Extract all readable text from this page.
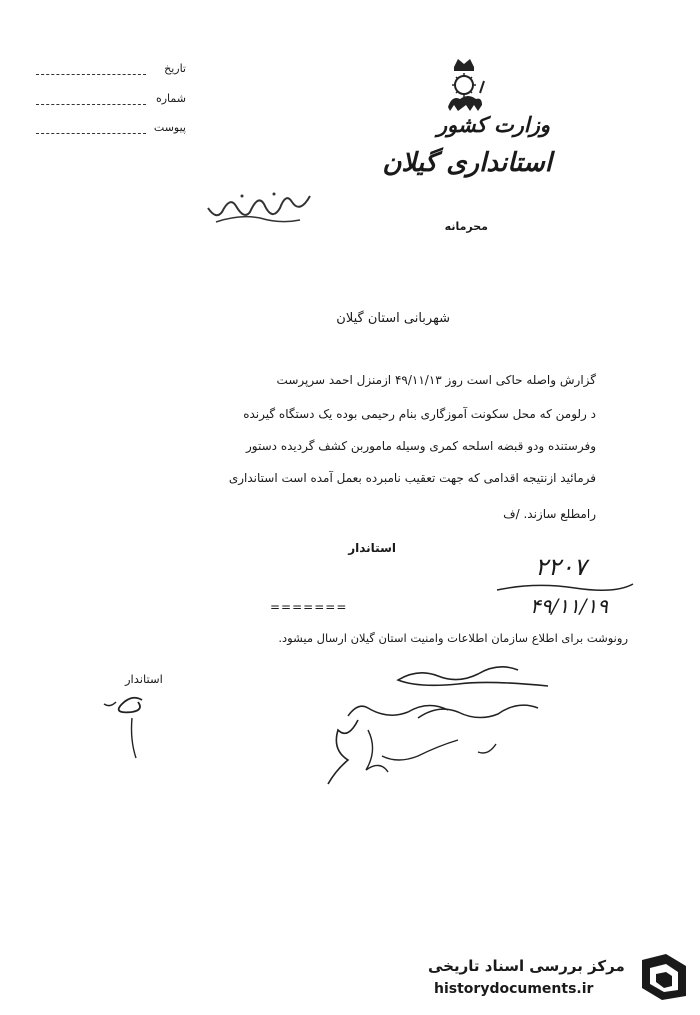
تاریخ
شماره
پیوست	وزارت کشور
استانداری گیلان
محرمانه
شهربانی استان گیلان
گزارش واصله حاکی است روز ۴۹/۱۱/۱۳ ازمنزل احمد سرپرست
د رلومن که محل سکونت آموزگاری بنام رحیمی بوده یک دستگاه گیرنده
وفرستنده ودو قبضه اسلحه کمری وسیله ماموربن کشف گردیده دستور
فرمائید ازنتیجه اقدامی که جهت تعقیب نامبرده بعمل آمده است استانداری
رامطلع سازند. /ف
استاندار
۲۲۰۷
۴۹/۱۱/۱۹
=======
رونوشت برای اطلاع سازمان اطلاعات وامنیت استان گیلان ارسال میشود.
استاندار
مرکز بررسی اسناد تاریخی
historydocuments.ir
